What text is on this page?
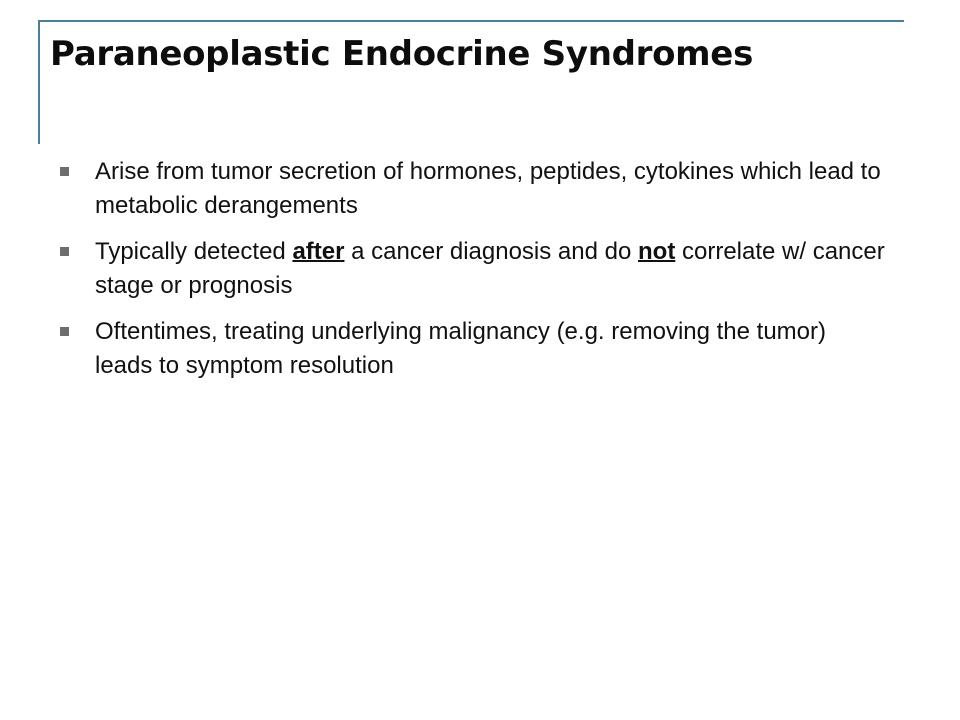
Paraneoplastic Endocrine Syndromes
Arise from tumor secretion of hormones, peptides, cytokines which lead to metabolic derangements
Typically detected after a cancer diagnosis and do not correlate w/ cancer stage or prognosis
Oftentimes, treating underlying malignancy (e.g. removing the tumor) leads to symptom resolution
